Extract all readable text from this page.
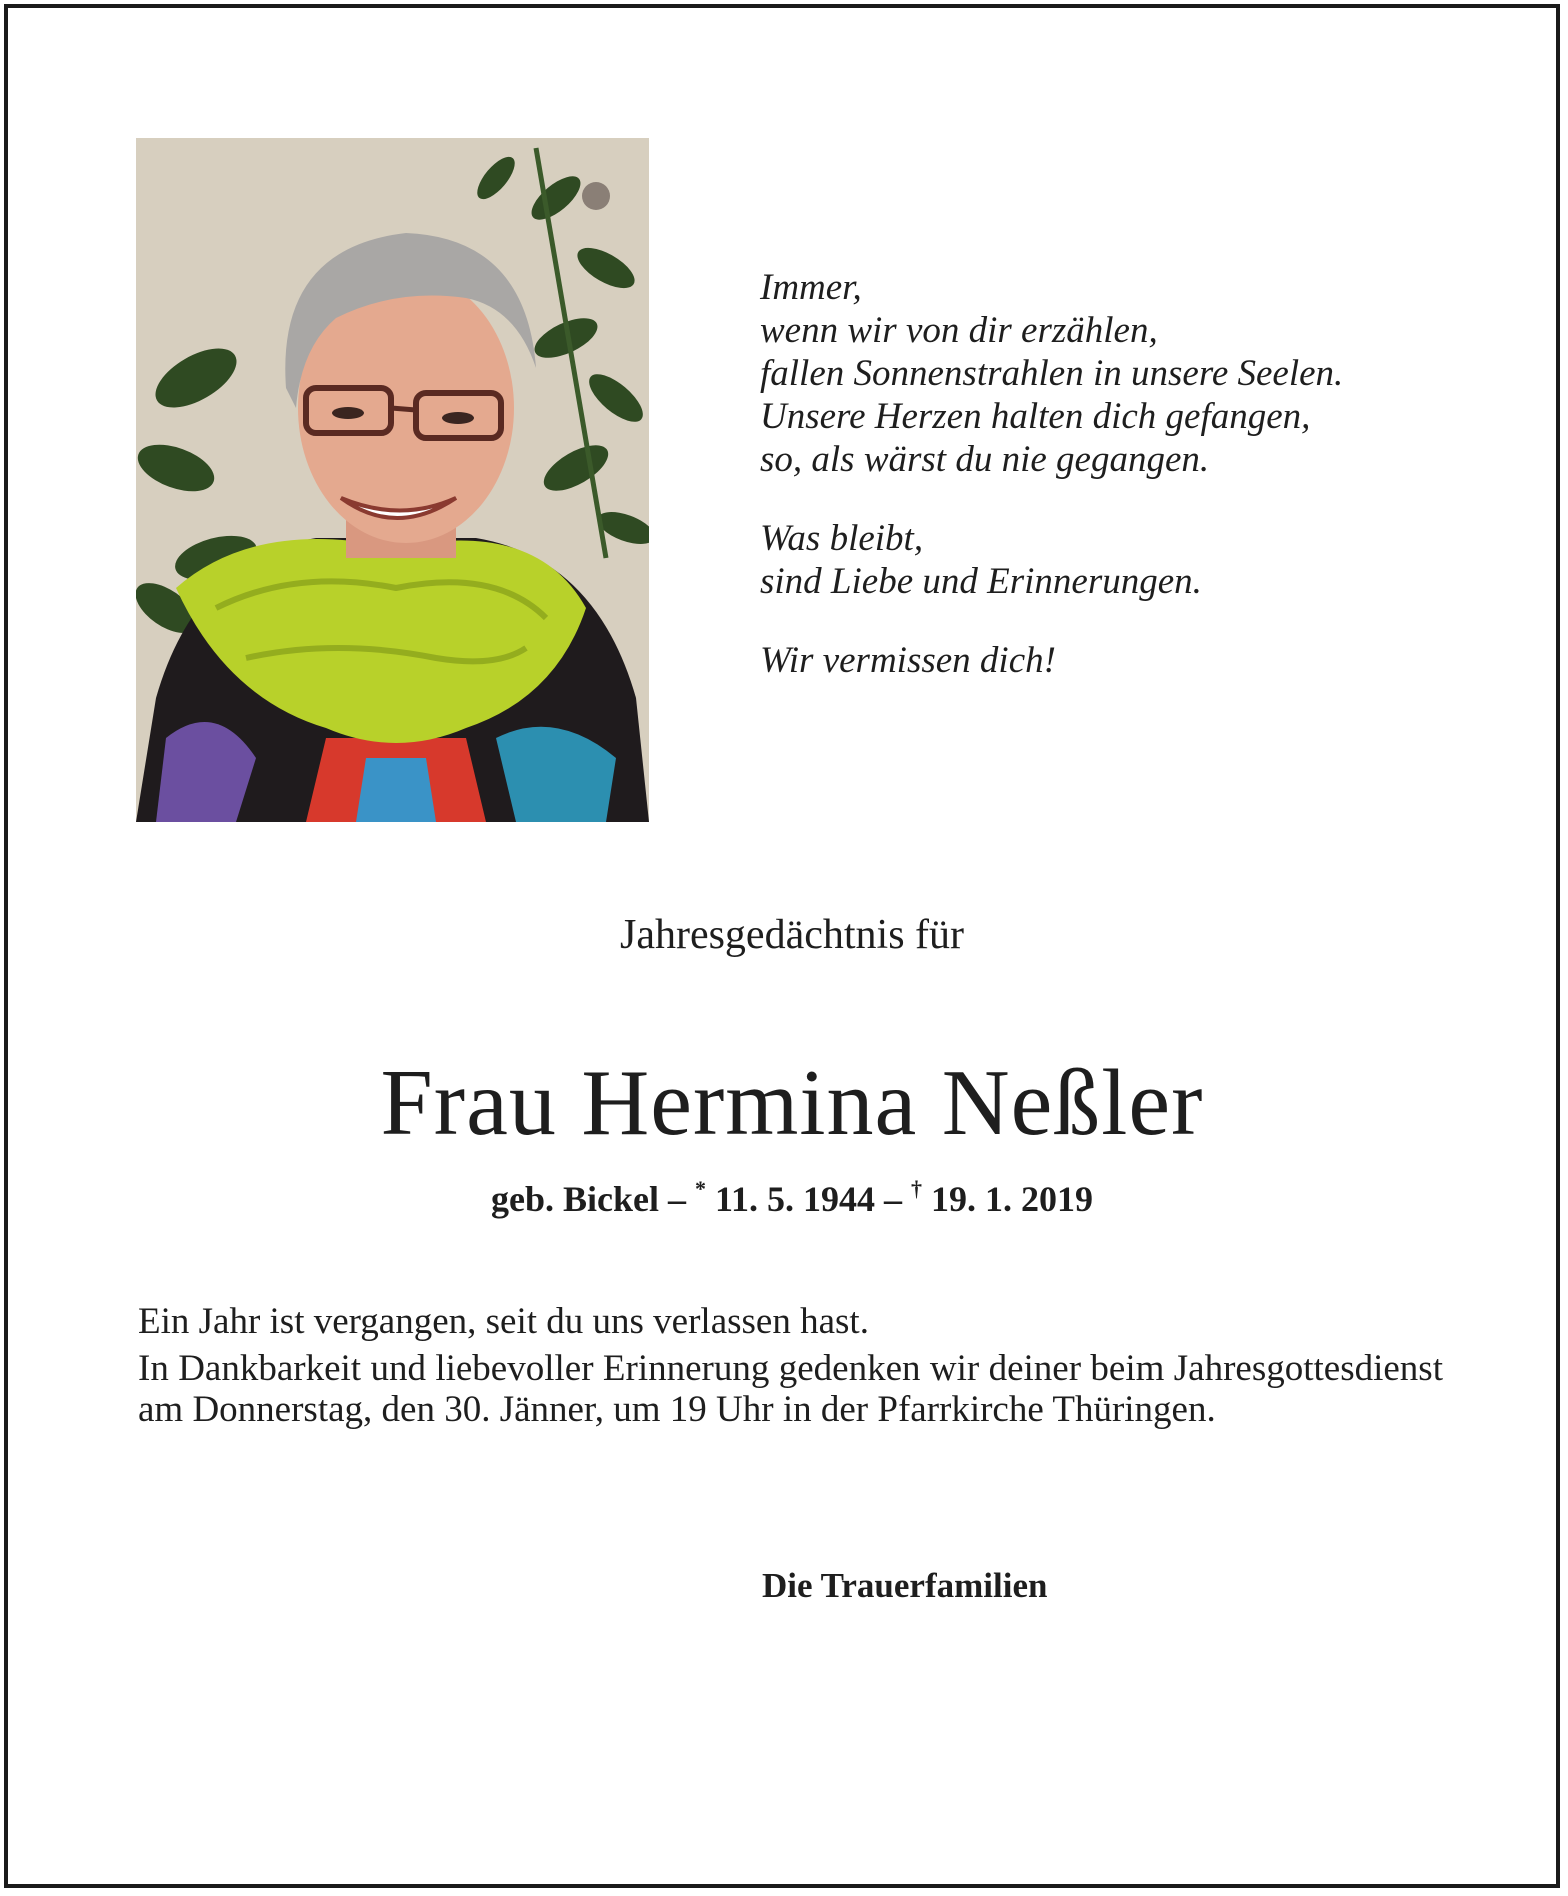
Immer,
wenn wir von dir erzählen,
fallen Sonnenstrahlen in unsere Seelen.
Unsere Herzen halten dich gefangen,
so, als wärst du nie gegangen.
Was bleibt,
sind Liebe und Erinnerungen.
Wir vermissen dich!
Jahresgedächtnis für
Frau Hermina Neßler
geb. Bickel – * 11. 5. 1944 – † 19. 1. 2019

Ein Jahr ist vergangen, seit du uns verlassen hast.

In Dankbarkeit und liebevoller Erinnerung gedenken wir deiner beim Jahresgottesdienst am Donnerstag, den 30. Jänner, um 19 Uhr in der Pfarrkirche Thüringen.

Die Trauerfamilien
